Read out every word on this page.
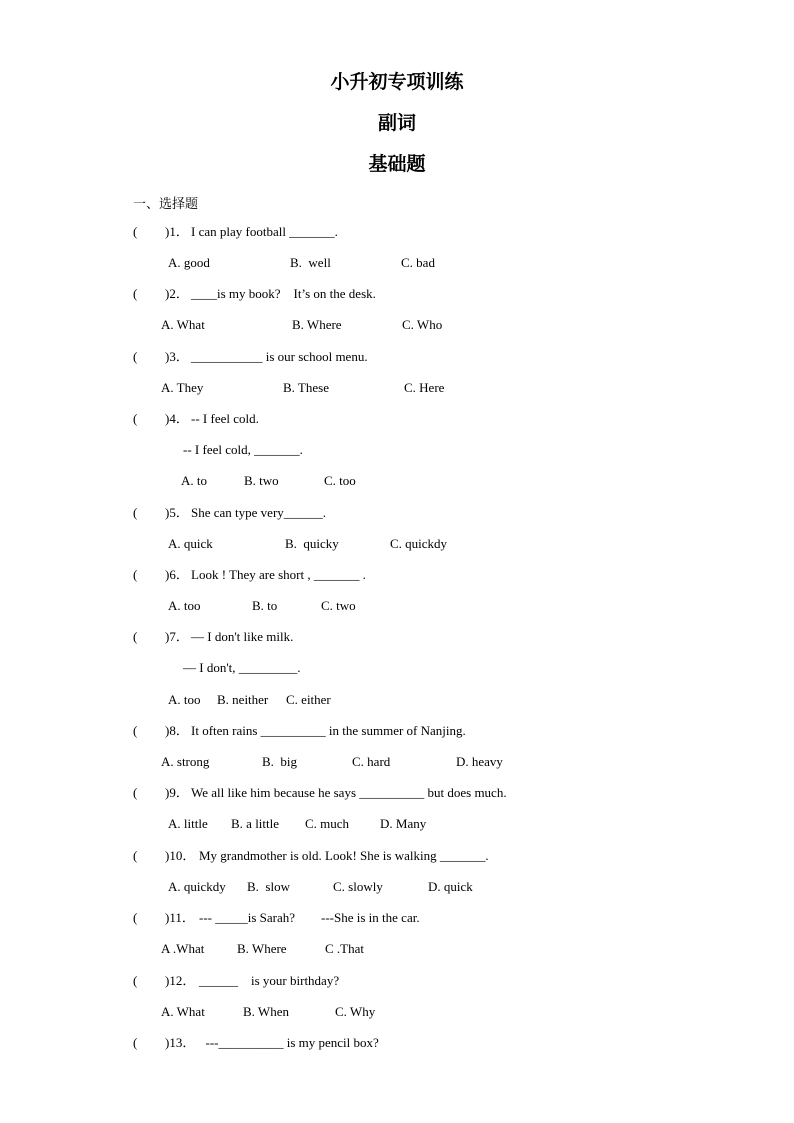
小升初专项训练
副词
基础题
一、选择题
( )1． I can play football _______.
A. good	B.  well	C. bad
( )2． ____is my book?    It’s on the desk.
A. What	B. Where	C. Who
( )3． ___________ is our school menu.
A. They	B. These	C. Here
( )4． -- I feel cold.
-- I feel cold, _______.
A. to	B. two	C. too
( )5． She can type very______.
A. quick	B.  quicky	C. quickdy
( )6． Look ! They are short , _______ .
A. too	B. to	C. two
( )7． — I don't like milk.
— I don't, _________.
A. too B. neither C. either
( )8． It often rains __________ in the summer of Nanjing.
A. strong	B.  big	C. hard	D. heavy
( )9． We all like him because he says __________ but does much.
A. little B. a little C. much D. Many
( )10． My grandmother is old. Look! She is walking _______.
A. quickdy B.  slow	C. slowly	D. quick
( )11． --- _____is Sarah?        ---She is in the car.
A .What	B. Where	C .That
( )12． ______    is your birthday?
A. What	B. When	C. Why
( )13． ---__________ is my pencil box?
